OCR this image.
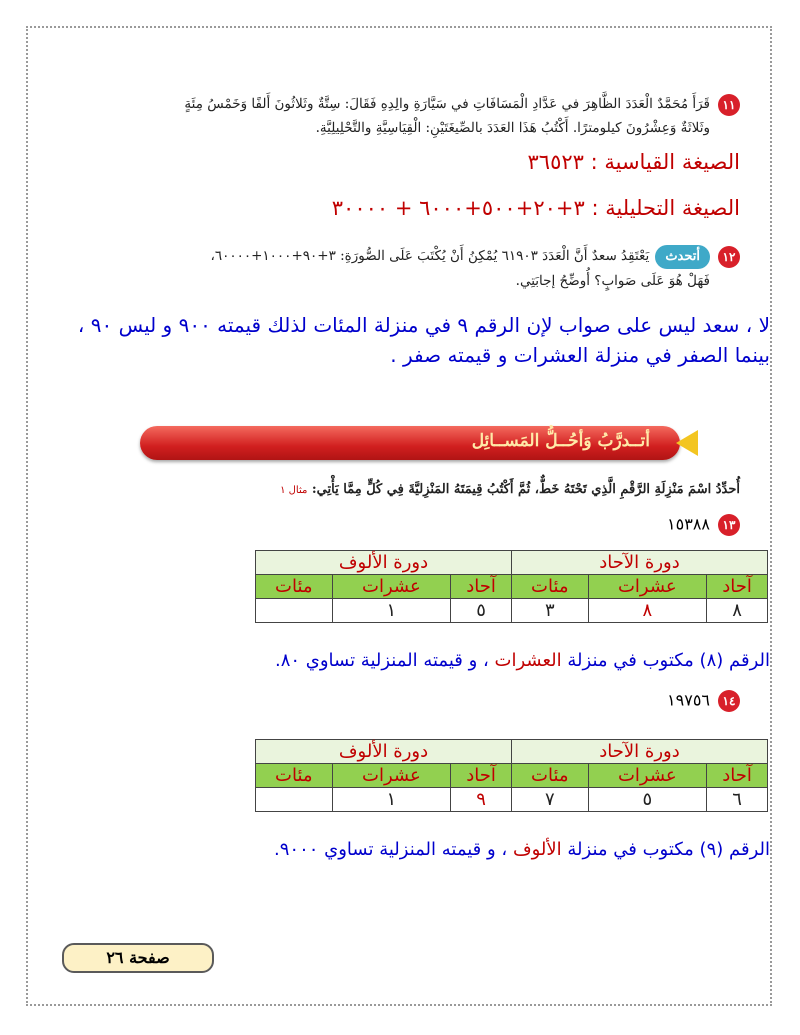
١١قَرَأَ مُحَمَّدٌ الْعَدَدَ الظَّاهِرَ في عَدَّادِ الْمَسَافَاتِ في سَيَّارَةِ والِدِهِ فَقَالَ: سِتَّةٌ وثَلاثُونَ أَلفًا وَخَمْسُ مِئَةٍ
وثَلاثَةٌ وَعِشْرُونَ كيلومترًا. أَكْتُبُ هَذَا العَدَدَ بالصِّيغَتَيْنِ: الْقِيَاسِيَّةِ والتَّحْلِيلِيَّةِ.
الصيغة القياسية : ٣٦٥٢٣
الصيغة التحليلية : ٣+٢٠+٥٠٠+٦٠٠٠ + ٣٠٠٠٠
١٢أتحدثيَعْتَقِدُ سعدٌ أَنَّ الْعَدَدَ ٦١٩٠٣ يُمْكِنُ أَنْ يُكْتَبَ عَلَى الصُّورَةِ: ٣+٩٠+١٠٠٠+٦٠٠٠٠،
فَهَلْ هُوَ عَلَى صَوابٍ؟ أُوضِّحُ إجابَتِي.
لا ، سعد ليس على صواب لإن الرقم ٩ في منزلة المئات لذلك قيمته ٩٠٠ و ليس ٩٠ ،
بينما الصفر في منزلة العشرات و قيمته صفر .
أتــدرَّبُ وَأحُــلُّ المَســائِل
أُحدِّدُ اسْمَ مَنْزِلَةِ الرَّقْمِ الَّذِي تَحْتَهُ خَطٌّ، ثُمَّ أَكْتُبُ قِيمَتَهُ المَنْزِليَّةَ فِي كُلٍّ مِمَّا يَأْتِي: مثال ١
١٣١٥٣٨٨
دورة الآحاد			دورة الألوف		
آحاد	عشرات	مئات	آحاد	عشرات	مئات
٨	٨	٣	٥	١	
الرقم (٨) مكتوب في منزلة العشرات ، و قيمته المنزلية تساوي ٨٠.
١٤١٩٧٥٦
دورة الآحاد			دورة الألوف		
آحاد	عشرات	مئات	آحاد	عشرات	مئات
٦	٥	٧	٩	١	
الرقم (٩) مكتوب في منزلة الألوف ، و قيمته المنزلية تساوي ٩٠٠٠.
صفحة ٢٦
